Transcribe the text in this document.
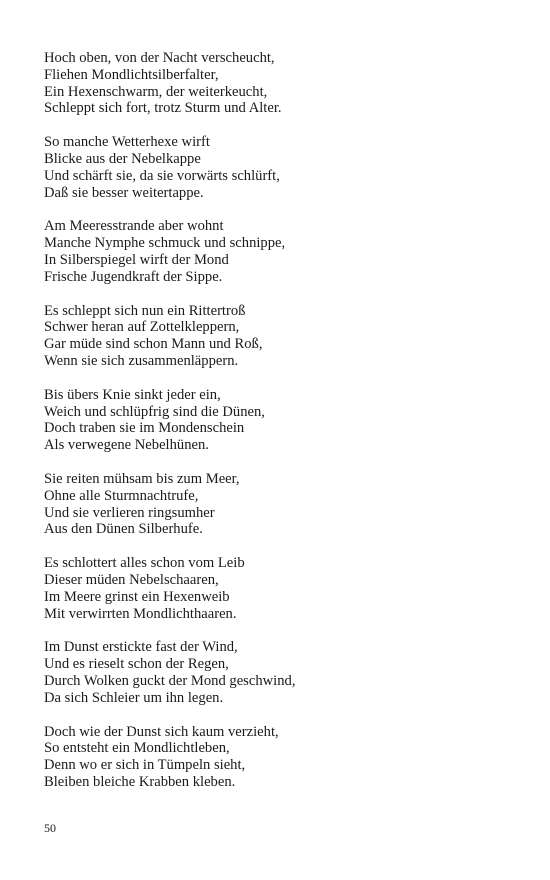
Hoch oben, von der Nacht verscheucht,
Fliehen Mondlichtsilberfalter,
Ein Hexenschwarm, der weiterkeucht,
Schleppt sich fort, trotz Sturm und Alter.
So manche Wetterhexe wirft
Blicke aus der Nebelkappe
Und schärft sie, da sie vorwärts schlürft,
Daß sie besser weitertappe.
Am Meeresstrande aber wohnt
Manche Nymphe schmuck und schnippe,
In Silberspiegel wirft der Mond
Frische Jugendkraft der Sippe.
Es schleppt sich nun ein Rittertroß
Schwer heran auf Zottelkleppern,
Gar müde sind schon Mann und Roß,
Wenn sie sich zusammenläppern.
Bis übers Knie sinkt jeder ein,
Weich und schlüpfrig sind die Dünen,
Doch traben sie im Mondenschein
Als verwegene Nebelhünen.
Sie reiten mühsam bis zum Meer,
Ohne alle Sturmnachtrufe,
Und sie verlieren ringsumher
Aus den Dünen Silberhufe.
Es schlottert alles schon vom Leib
Dieser müden Nebelschaaren,
Im Meere grinst ein Hexenweib
Mit verwirrten Mondlichthaaren.
Im Dunst erstickte fast der Wind,
Und es rieselt schon der Regen,
Durch Wolken guckt der Mond geschwind,
Da sich Schleier um ihn legen.
Doch wie der Dunst sich kaum verzieht,
So entsteht ein Mondlichtleben,
Denn wo er sich in Tümpeln sieht,
Bleiben bleiche Krabben kleben.
50
